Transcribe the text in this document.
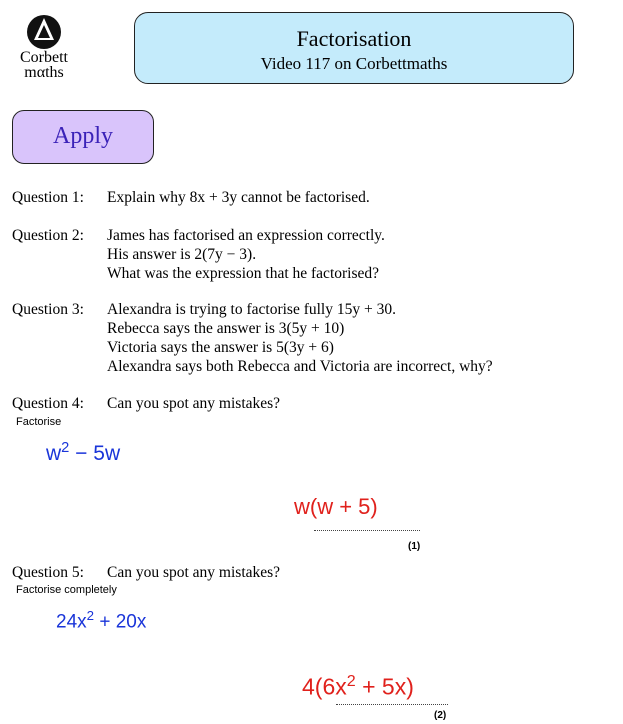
Corbett
mαths
Factorisation
Video 117 on Corbettmaths
Apply
Question 1: Explain why 8x + 3y cannot be factorised.
Question 2: James has factorised an expression correctly.
His answer is 2(7y − 3).
What was the expression that he factorised?
Question 3: Alexandra is trying to factorise fully 15y + 30.
Rebecca says the answer is 3(5y + 10)
Victoria says the answer is 5(3y + 6)
Alexandra says both Rebecca and Victoria are incorrect, why?
Question 4: Can you spot any mistakes?
Factorise
$w^2 - 5w$
w(w + 5)
(1)
Question 5: Can you spot any mistakes?
Factorise completely
$24x^2 + 20x$
$4(6x^2 + 5x)$
(2)
